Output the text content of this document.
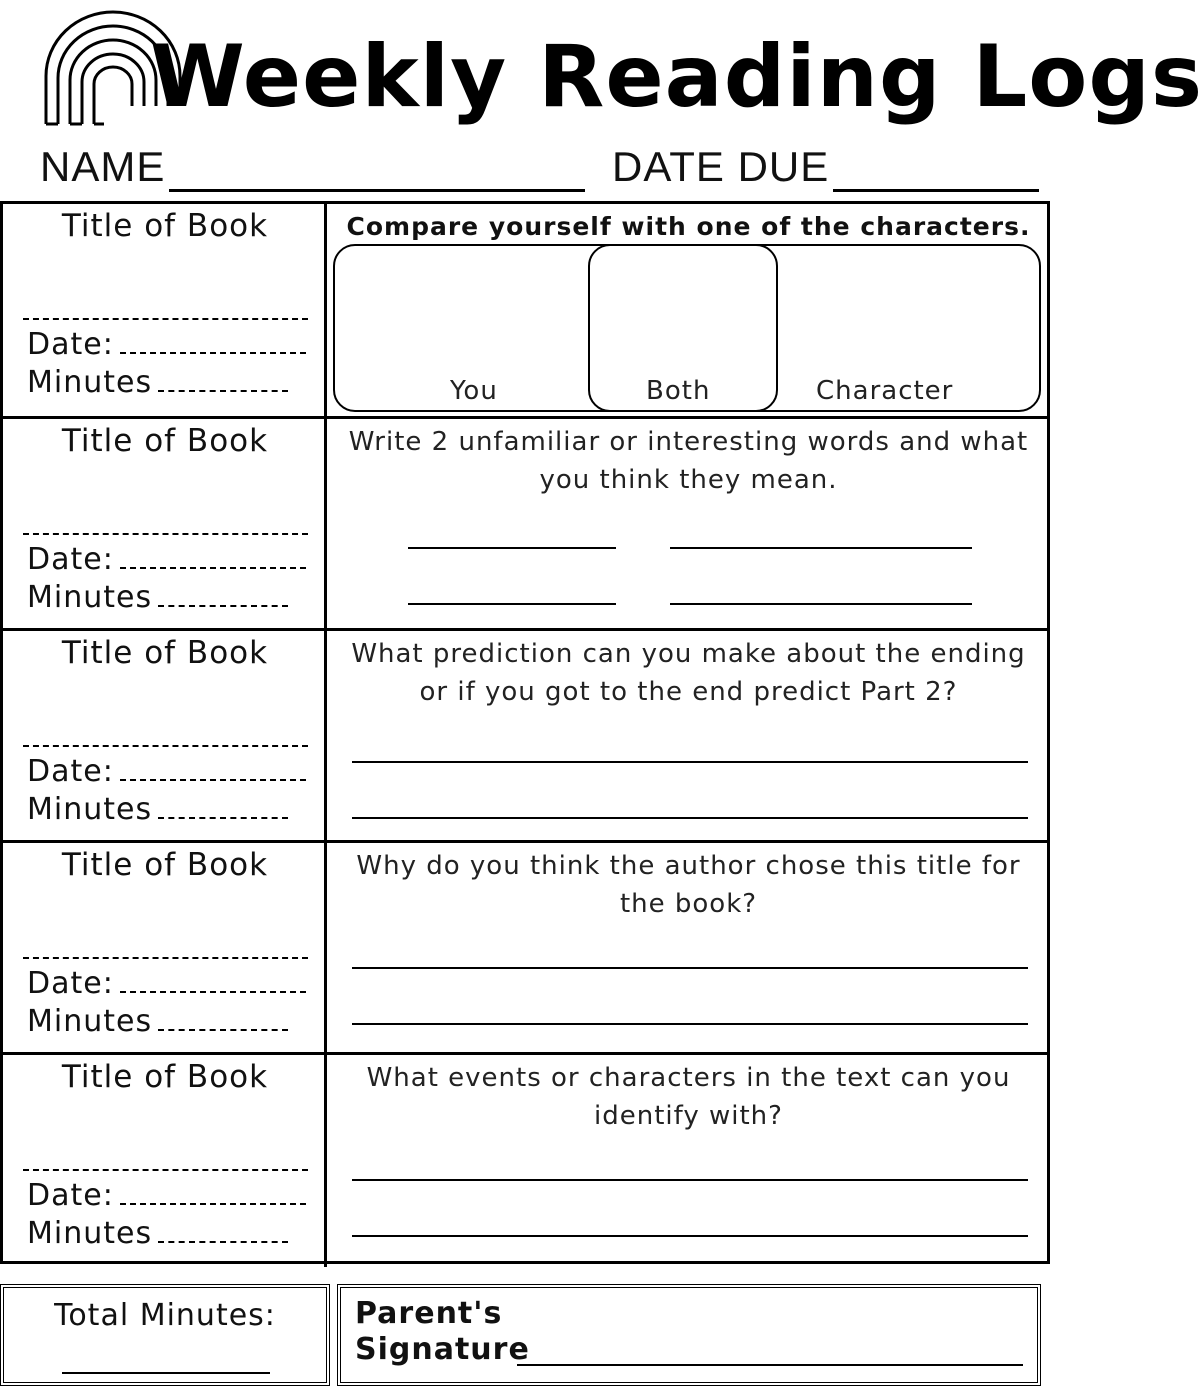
Weekly Reading Logs
NAME	DATE DUE
Title of Book
Date:
Minutes
Compare yourself with one of the characters.
You	Both	Character
Title of Book
Date:
Minutes
Write 2 unfamiliar or interesting words and what you think they mean.
Title of Book
Date:
Minutes
What prediction can you make about the ending or if you got to the end predict Part 2?
Title of Book
Date:
Minutes
Why do you think the author chose this title for the book?
Title of Book
Date:
Minutes
What events or characters in the text can you identify with?
Total Minutes:	Parent's
Signature
